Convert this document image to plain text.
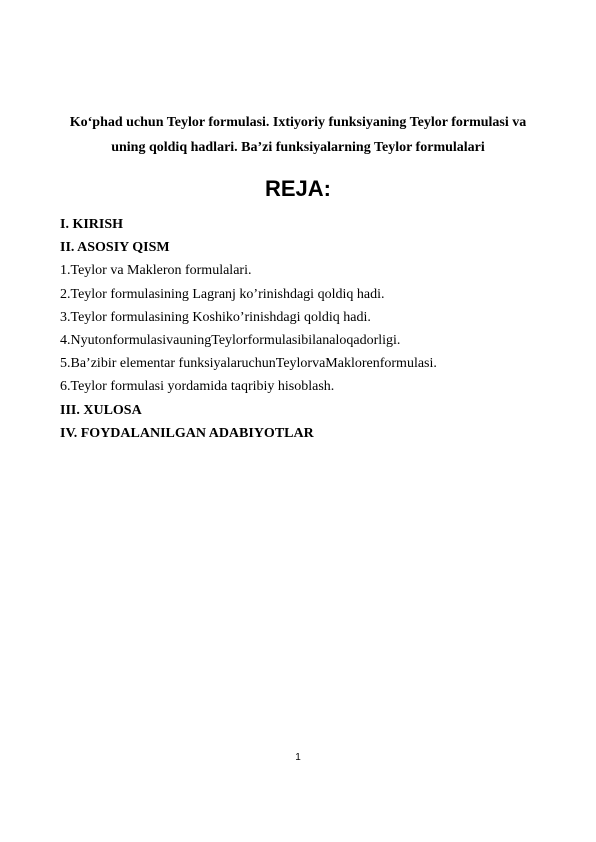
Ko‘phad uchun Teylor formulasi. Ixtiyoriy funksiyaning Teylor formulasi va
uning qoldiq hadlari. Ba’zi funksiyalarning Teylor formulalari
REJA:
I. KIRISH
II. ASOSIY QISM
1.Teylor va Makleron formulalari.
2.Teylor formulasining Lagranj ko’rinishdagi qoldiq hadi.
3.Teylor formulasining Koshiko’rinishdagi qoldiq hadi.
4.NyutonformulasivauningTeylorformulasibilanaloqadorligi.
5.Ba’zibir elementar funksiyalaruchunTeylorvaMaklorenformulasi.
6.Teylor formulasi yordamida taqribiy hisoblash.
III. XULOSA
IV. FOYDALANILGAN ADABIYOTLAR
1
